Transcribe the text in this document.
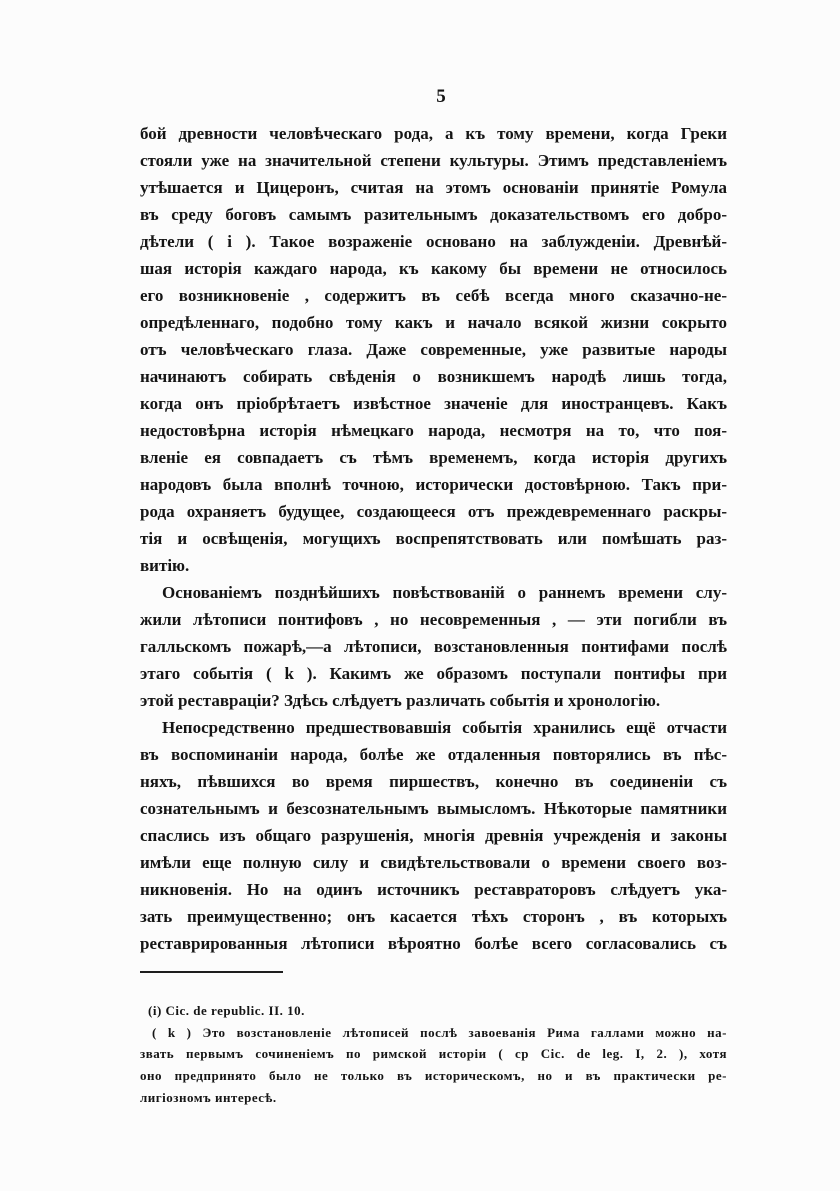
5
бой древности человѣческаго рода, а къ тому времени, когда Греки
стояли уже на значительной степени культуры. Этимъ представленіемъ
утѣшается и Цицеронъ, считая на этомъ основаніи принятіе Ромула
въ среду боговъ самымъ разительнымъ доказательствомъ его добро-
дѣтели ( i ). Такое возраженіе основано на заблужденіи. Древнѣй-
шая исторія каждаго народа, къ какому бы времени не относилось
его возникновеніе , содержитъ въ себѣ всегда много сказачно-не-
опредѣленнаго, подобно тому какъ и начало всякой жизни сокрыто
отъ человѣческаго глаза. Даже современные, уже развитые народы
начинаютъ собирать свѣденія о возникшемъ народѣ лишь тогда,
когда онъ пріобрѣтаетъ извѣстное значеніе для иностранцевъ. Какъ
недостовѣрна исторія нѣмецкаго народа, несмотря на то, что поя-
вленіе ея совпадаетъ съ тѣмъ временемъ, когда исторія другихъ
народовъ была вполнѣ точною, исторически достовѣрною. Такъ при-
рода охраняетъ будущее, создающееся отъ преждевременнаго раскры-
тія и освѣщенія, могущихъ воспрепятствовать или помѣшать раз-
витію.
Основаніемъ позднѣйшихъ повѣствованій о раннемъ времени слу-
жили лѣтописи понтифовъ , но несовременныя , — эти погибли въ
галльскомъ пожарѣ,—а лѣтописи, возстановленныя понтифами послѣ
этаго событія ( k ). Какимъ же образомъ поступали понтифы при
этой реставраціи? Здѣсь слѣдуетъ различать событія и хронологію.
Непосредственно предшествовавшія событія хранились ещё отчасти
въ воспоминаніи народа, болѣе же отдаленныя повторялись въ пѣс-
няхъ, пѣвшихся во время пиршествъ, конечно въ соединеніи съ
сознательнымъ и безсознательнымъ вымысломъ. Нѣкоторые памятники
спаслись изъ общаго разрушенія, многія древнія учрежденія и законы
имѣли еще полную силу и свидѣтельствовали о времени своего воз-
никновенія. Но на одинъ источникъ реставраторовъ слѣдуетъ ука-
зать преимущественно; онъ касается тѣхъ сторонъ , въ которыхъ
реставрированныя лѣтописи вѣроятно болѣе всего согласовались съ
(i) Cic. de republic. II. 10.
( k ) Это возстановленіе лѣтописей послѣ завоеванія Рима галлами можно на-
звать первымъ сочиненіемъ по римской исторіи ( ср Cic. de leg. I, 2. ), хотя
оно предпринято было не только въ историческомъ, но и въ практически ре-
лигіозномъ интересѣ.
